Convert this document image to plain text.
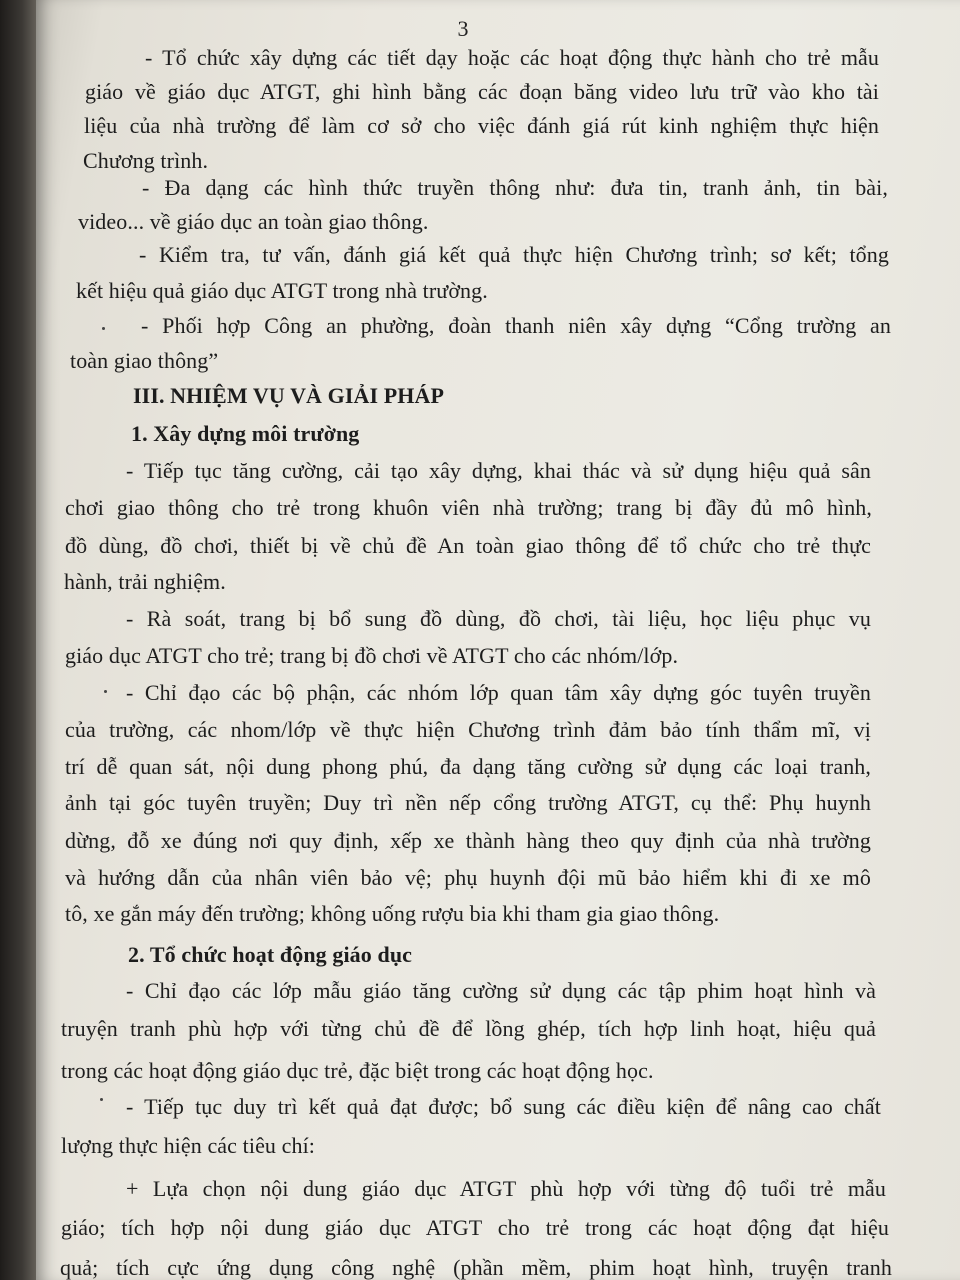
3
- Tổ chức xây dựng các tiết dạy hoặc các hoạt động thực hành cho trẻ mẫu
giáo về giáo dục ATGT, ghi hình bằng các đoạn băng video lưu trữ vào kho tài
liệu của nhà trường để làm cơ sở cho việc đánh giá rút kinh nghiệm thực hiện
Chương trình.
- Đa dạng các hình thức truyền thông như: đưa tin, tranh ảnh, tin bài,
video... về giáo dục an toàn giao thông.
- Kiểm tra, tư vấn, đánh giá kết quả thực hiện Chương trình; sơ kết; tổng
kết hiệu quả giáo dục ATGT trong nhà trường.
- Phối hợp Công an phường, đoàn thanh niên xây dựng “Cổng trường an
toàn giao thông”
III. NHIỆM VỤ VÀ GIẢI PHÁP
1. Xây dựng môi trường
- Tiếp tục tăng cường, cải tạo xây dựng, khai thác và sử dụng hiệu quả sân
chơi giao thông cho trẻ trong khuôn viên nhà trường; trang bị đầy đủ mô hình,
đồ dùng, đồ chơi, thiết bị về chủ đề An toàn giao thông để tổ chức cho trẻ thực
hành, trải nghiệm.
- Rà soát, trang bị bổ sung đồ dùng, đồ chơi, tài liệu, học liệu phục vụ
giáo dục ATGT cho trẻ; trang bị đồ chơi về ATGT cho các nhóm/lớp.
- Chỉ đạo các bộ phận, các nhóm lớp quan tâm xây dựng góc tuyên truyền
của trường, các nhom/lớp về thực hiện Chương trình đảm bảo tính thẩm mĩ, vị
trí dễ quan sát, nội dung phong phú, đa dạng tăng cường sử dụng các loại tranh,
ảnh tại góc tuyên truyền; Duy trì nền nếp cổng trường ATGT, cụ thể: Phụ huynh
dừng, đỗ xe đúng nơi quy định, xếp xe thành hàng theo quy định của nhà trường
và hướng dẫn của nhân viên bảo vệ; phụ huynh đội mũ bảo hiểm khi đi xe mô
tô, xe gắn máy đến trường; không uống rượu bia khi tham gia giao thông.
2. Tổ chức hoạt động giáo dục
- Chỉ đạo các lớp mẫu giáo tăng cường sử dụng các tập phim hoạt hình và
truyện tranh phù hợp với từng chủ đề để lồng ghép, tích hợp linh hoạt, hiệu quả
trong các hoạt động giáo dục trẻ, đặc biệt trong các hoạt động học.
- Tiếp tục duy trì kết quả đạt được; bổ sung các điều kiện để nâng cao chất
lượng thực hiện các tiêu chí:
+ Lựa chọn nội dung giáo dục ATGT phù hợp với từng độ tuổi trẻ mẫu
giáo; tích hợp nội dung giáo dục ATGT cho trẻ trong các hoạt động đạt hiệu
quả; tích cực ứng dụng công nghệ (phần mềm, phim hoạt hình, truyện tranh
